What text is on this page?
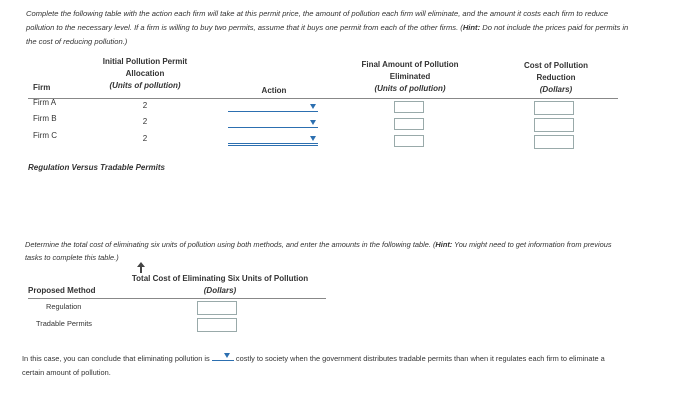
Complete the following table with the action each firm will take at this permit price, the amount of pollution each firm will eliminate, and the amount it costs each firm to reduce pollution to the necessary level. If a firm is willing to buy two permits, assume that it buys one permit from each of the other firms. (Hint: Do not include the prices paid for permits in the cost of reducing pollution.)
Initial Pollution Permit
Allocation
(Units of pollution)
Firm	Action
Final Amount of Pollution
Eliminated
(Units of pollution)
Cost of Pollution
Reduction
(Dollars)
Firm A	2
Firm B	2
Firm C	2
Regulation Versus Tradable Permits
Determine the total cost of eliminating six units of pollution using both methods, and enter the amounts in the following table. (Hint: You might need to get information from previous tasks to complete this table.)
Total Cost of Eliminating Six Units of Pollution
(Dollars)
Proposed Method
Regulation
Tradable Permits
In this case, you can conclude that eliminating pollution is	costly to society when the government distributes tradable permits than when it regulates each firm to eliminate a certain amount of pollution.
